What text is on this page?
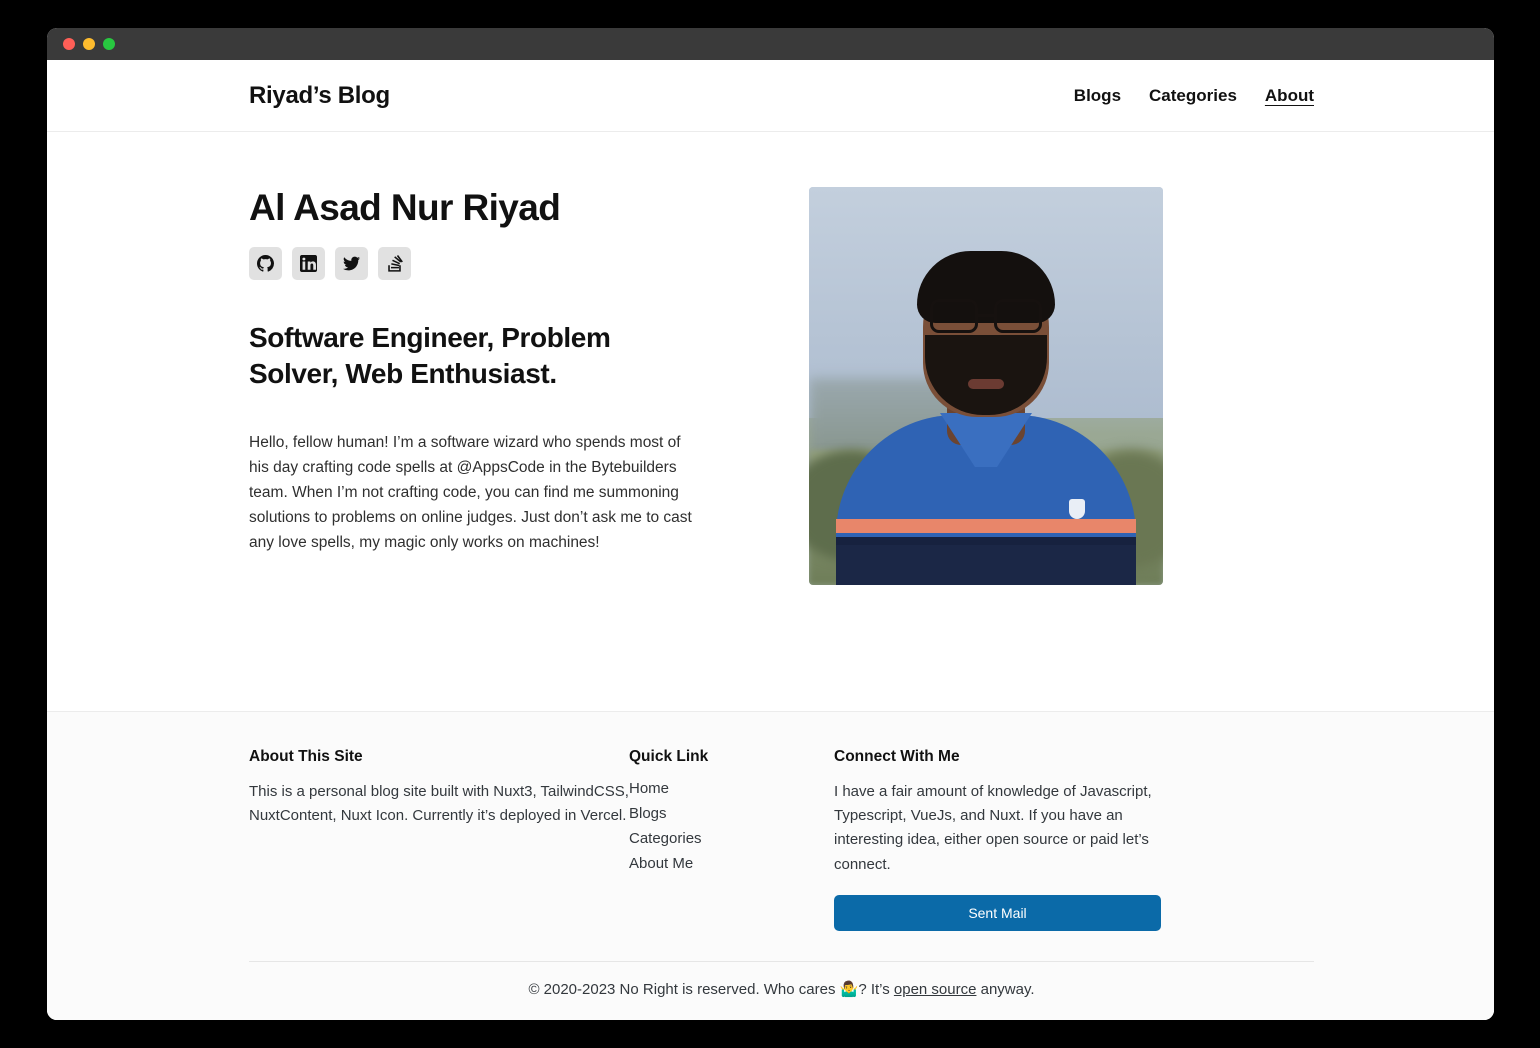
Riyad’s Blog	Blogs Categories About
Al Asad Nur Riyad
Software Engineer, Problem Solver, Web Enthusiast.

Hello, fellow human! I’m a software wizard who spends most of his day crafting code spells at @AppsCode in the Bytebuilders team. When I’m not crafting code, you can find me summoning solutions to problems on online judges. Just don’t ask me to cast any love spells, my magic only works on machines!

About This Site
This is a personal blog site built with Nuxt3, TailwindCSS, NuxtContent, Nuxt Icon. Currently it’s deployed in Vercel.
Quick Link
Home
Blogs
Categories
About Me
Connect With Me
I have a fair amount of knowledge of Javascript, Typescript, VueJs, and Nuxt. If you have an interesting idea, either open source or paid let’s connect.
Sent Mail
© 2020-2023 No Right is reserved. Who cares 🤷‍♂️? It’s open source anyway.
